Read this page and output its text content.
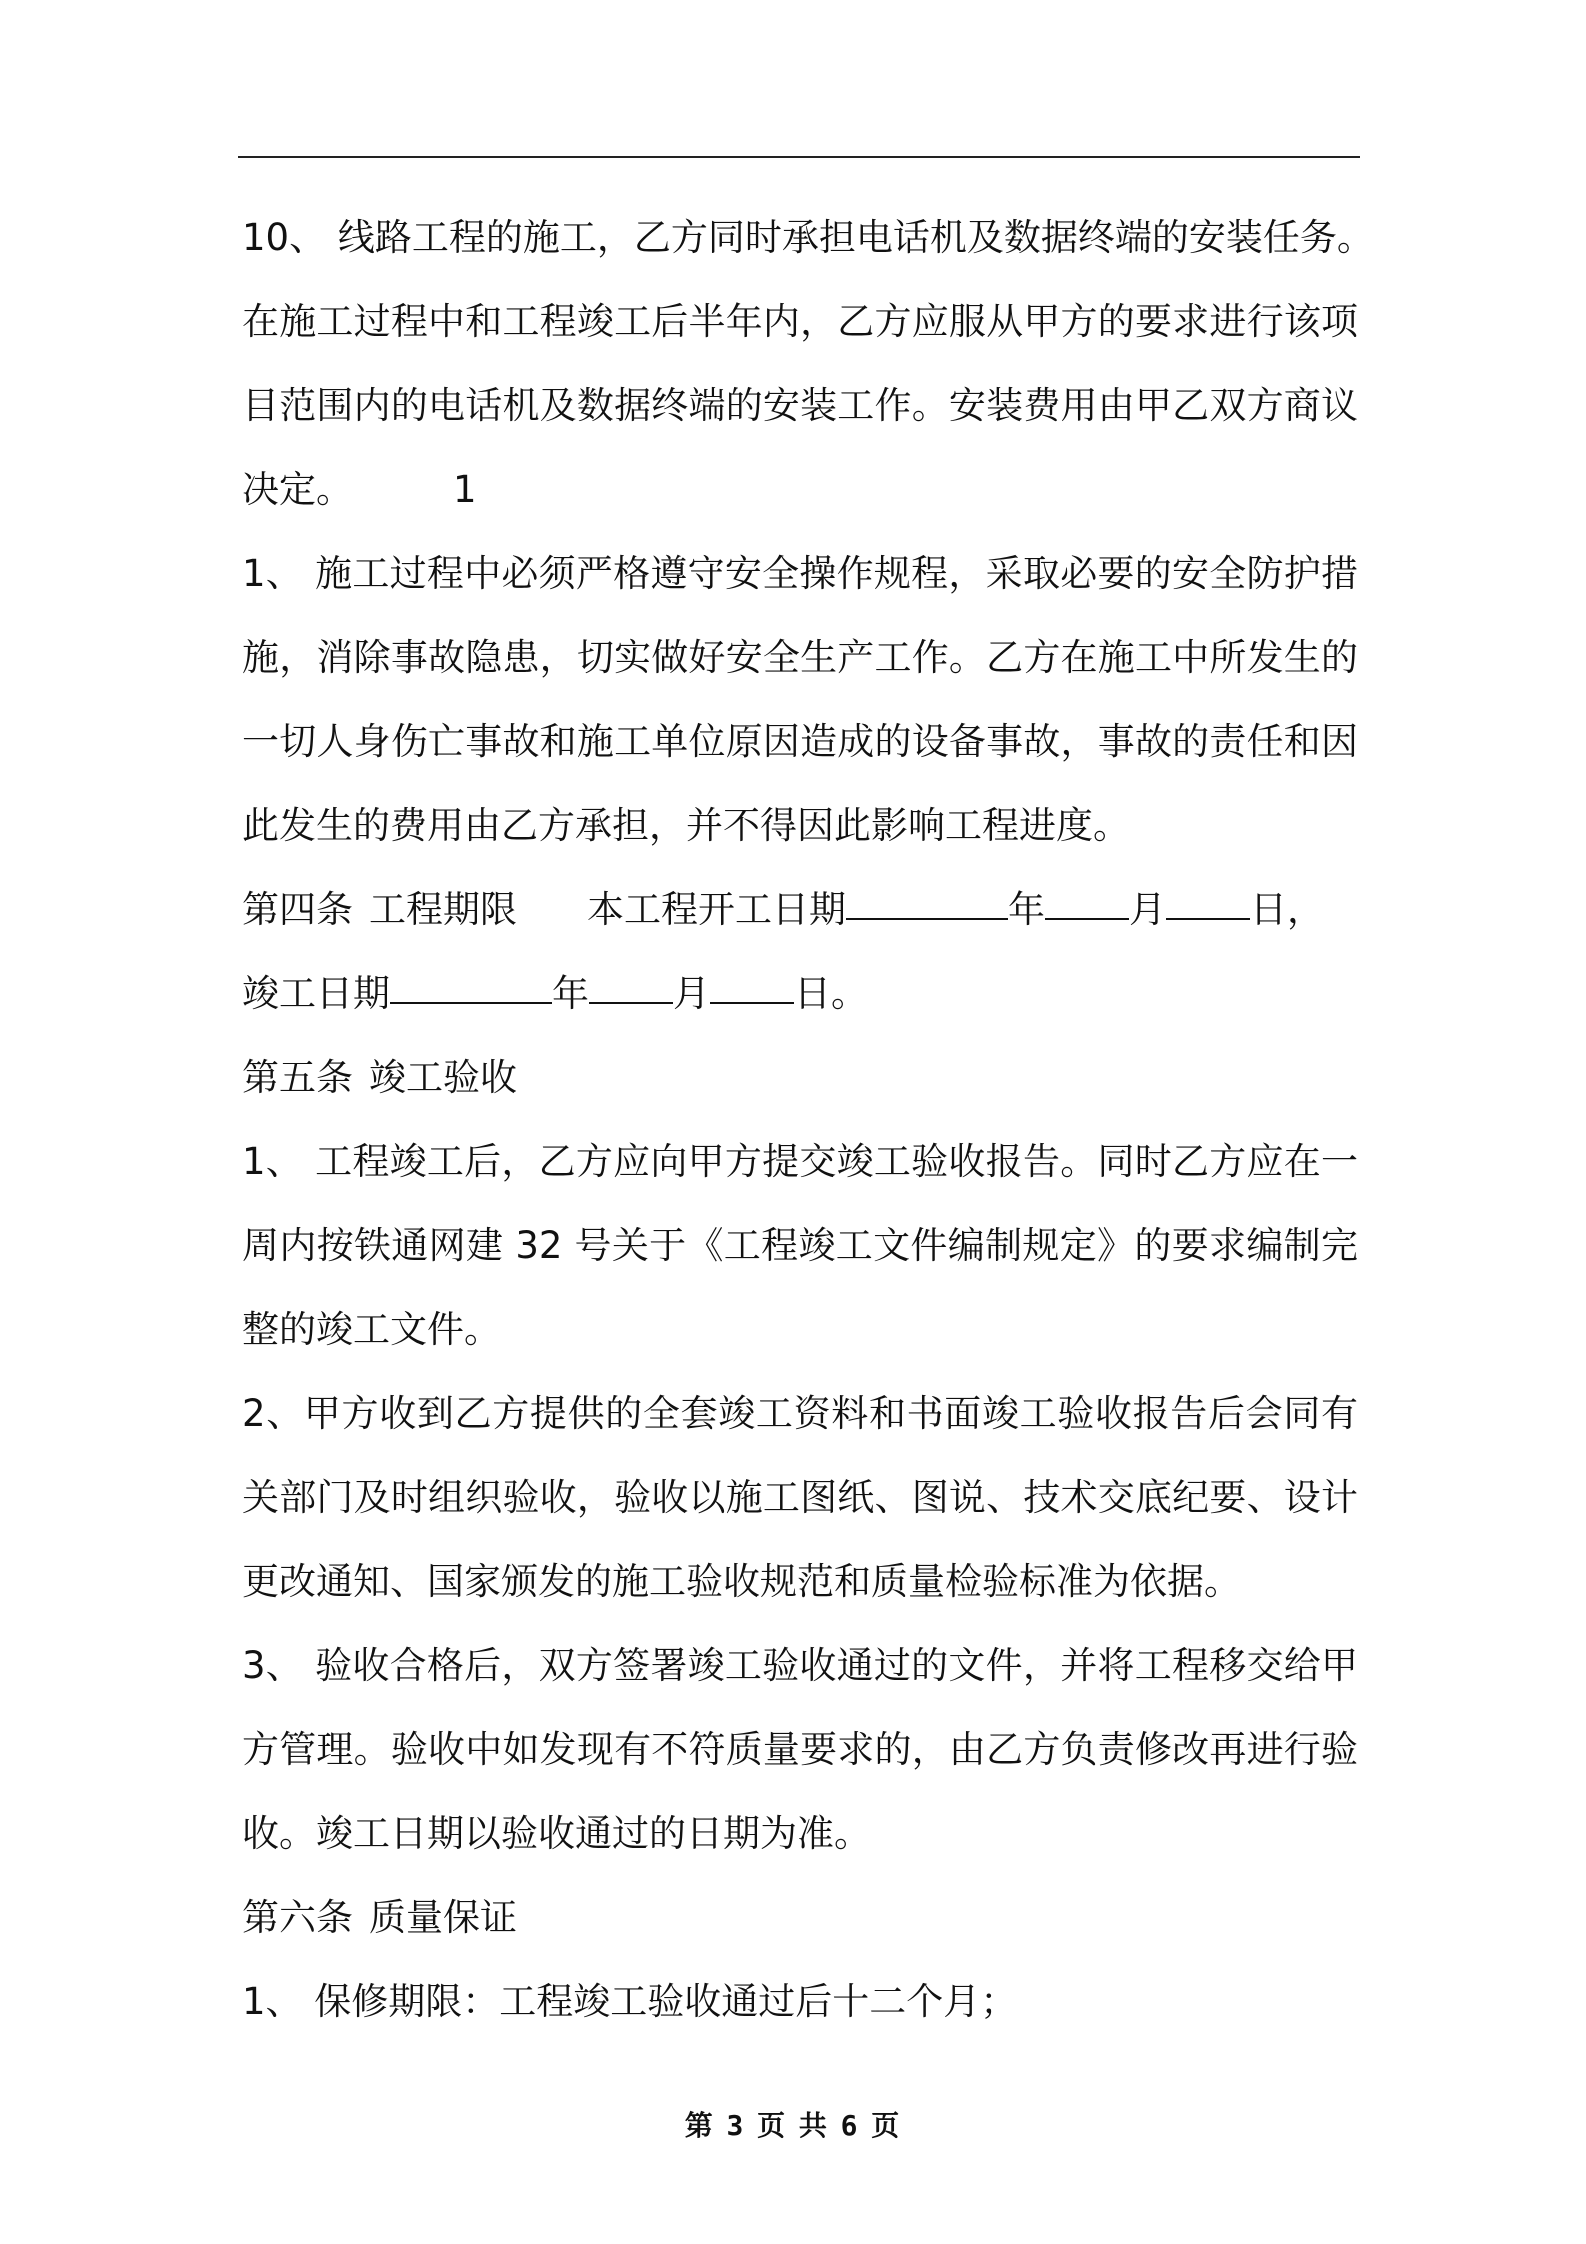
10、 线路工程的施工，乙方同时承担电话机及数据终端的安装任务。
在施工过程中和工程竣工后半年内，乙方应服从甲方的要求进行该项
目范围内的电话机及数据终端的安装工作。安装费用由甲乙双方商议
决定。	1
1、 施工过程中必须严格遵守安全操作规程，采取必要的安全防护措
施，消除事故隐患，切实做好安全生产工作。乙方在施工中所发生的
一切人身伤亡事故和施工单位原因造成的设备事故，事故的责任和因
此发生的费用由乙方承担，并不得因此影响工程进度。
第四条 工程期限 本工程开工日期	年 月 日，
竣工日期	年 月 日。
第五条 竣工验收
1、 工程竣工后，乙方应向甲方提交竣工验收报告。同时乙方应在一
周内按铁通网建 32 号关于《工程竣工文件编制规定》的要求编制完
整的竣工文件。
2、甲方收到乙方提供的全套竣工资料和书面竣工验收报告后会同有
关部门及时组织验收，验收以施工图纸、图说、技术交底纪要、设计
更改通知、国家颁发的施工验收规范和质量检验标准为依据。
3、 验收合格后，双方签署竣工验收通过的文件，并将工程移交给甲
方管理。验收中如发现有不符质量要求的，由乙方负责修改再进行验
收。竣工日期以验收通过的日期为准。
第六条 质量保证
1、 保修期限：工程竣工验收通过后十二个月；
第 3 页 共 6 页
